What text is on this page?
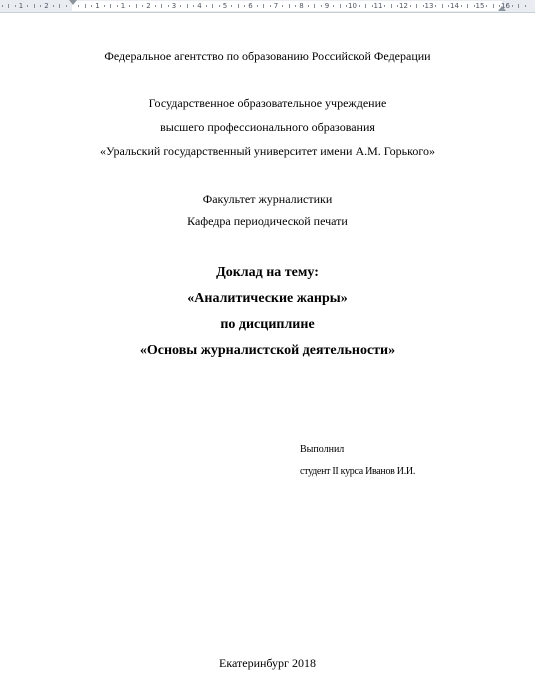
1	2	1	1	2	3	4	5	6	7	8	9	10 11 12 13 14 15 16
Федеральное агентство по образованию Российской Федерации
Государственное образовательное учреждение
высшего профессионального образования
«Уральский государственный университет имени А.М. Горького»
Факультет журналистики
Кафедра периодической печати
Доклад на тему:
«Аналитические жанры»
по дисциплине
«Основы журналистской деятельности»
Выполнил
студент II курса Иванов И.И.
Екатеринбург 2018
